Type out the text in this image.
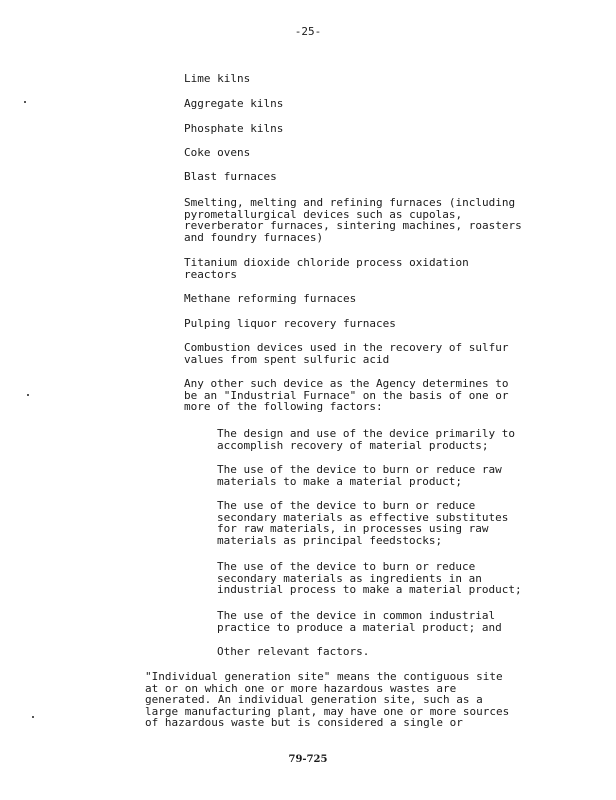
-25-
Lime kilns
Aggregate kilns
Phosphate kilns
Coke ovens
Blast furnaces
Smelting, melting and refining furnaces (including
pyrometallurgical devices such as cupolas,
reverberator furnaces, sintering machines, roasters
and foundry furnaces)
Titanium dioxide chloride process oxidation
reactors
Methane reforming furnaces
Pulping liquor recovery furnaces
Combustion devices used in the recovery of sulfur
values from spent sulfuric acid
Any other such device as the Agency determines to
be an "Industrial Furnace" on the basis of one or
more of the following factors:
The design and use of the device primarily to
accomplish recovery of material products;
The use of the device to burn or reduce raw
materials to make a material product;
The use of the device to burn or reduce
secondary materials as effective substitutes
for raw materials, in processes using raw
materials as principal feedstocks;
The use of the device to burn or reduce
secondary materials as ingredients in an
industrial process to make a material product;
The use of the device in common industrial
practice to produce a material product; and
Other relevant factors.
"Individual generation site" means the contiguous site
at or on which one or more hazardous wastes are
generated. An individual generation site, such as a
large manufacturing plant, may have one or more sources
of hazardous waste but is considered a single or
79-725
